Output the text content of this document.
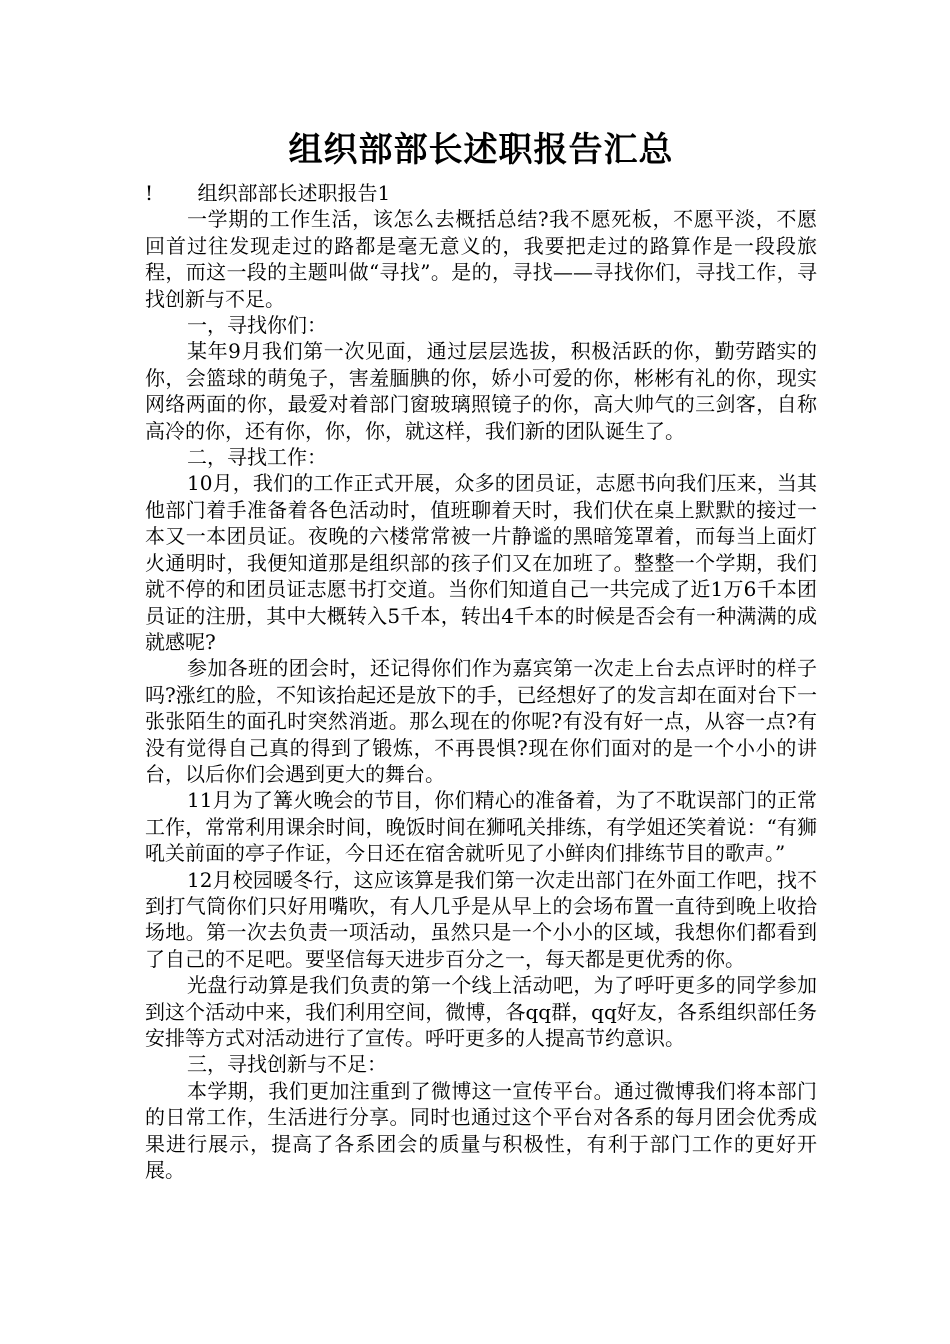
组织部部长述职报告汇总

!       组织部部长述职报告1

一学期的工作生活，该怎么去概括总结?我不愿死板，不愿平淡，不愿回首过往发现走过的路都是毫无意义的，我要把走过的路算作是一段段旅程，而这一段的主题叫做“寻找”。是的，寻找——寻找你们，寻找工作，寻找创新与不足。

一，寻找你们：

某年9月我们第一次见面，通过层层选拔，积极活跃的你，勤劳踏实的你，会篮球的萌兔子，害羞腼腆的你，娇小可爱的你，彬彬有礼的你，现实网络两面的你，最爱对着部门窗玻璃照镜子的你，高大帅气的三剑客，自称高冷的你，还有你，你，你，就这样，我们新的团队诞生了。

二，寻找工作：

10月，我们的工作正式开展，众多的团员证，志愿书向我们压来，当其他部门着手准备着各色活动时，值班聊着天时，我们伏在桌上默默的接过一本又一本团员证。夜晚的六楼常常被一片静谧的黑暗笼罩着，而每当上面灯火通明时，我便知道那是组织部的孩子们又在加班了。整整一个学期，我们就不停的和团员证志愿书打交道。当你们知道自己一共完成了近1万6千本团员证的注册，其中大概转入5千本，转出4千本的时候是否会有一种满满的成就感呢?

参加各班的团会时，还记得你们作为嘉宾第一次走上台去点评时的样子吗?涨红的脸，不知该抬起还是放下的手，已经想好了的发言却在面对台下一张张陌生的面孔时突然消逝。那么现在的你呢?有没有好一点，从容一点?有没有觉得自己真的得到了锻炼，不再畏惧?现在你们面对的是一个小小的讲台，以后你们会遇到更大的舞台。

11月为了篝火晚会的节目，你们精心的准备着，为了不耽误部门的正常工作，常常利用课余时间，晚饭时间在狮吼关排练，有学姐还笑着说：“有狮吼关前面的亭子作证，今日还在宿舍就听见了小鲜肉们排练节目的歌声。”

12月校园暖冬行，这应该算是我们第一次走出部门在外面工作吧，找不到打气筒你们只好用嘴吹，有人几乎是从早上的会场布置一直待到晚上收拾场地。第一次去负责一项活动，虽然只是一个小小的区域，我想你们都看到了自己的不足吧。要坚信每天进步百分之一，每天都是更优秀的你。

光盘行动算是我们负责的第一个线上活动吧，为了呼吁更多的同学参加到这个活动中来，我们利用空间，微博，各qq群，qq好友，各系组织部任务安排等方式对活动进行了宣传。呼吁更多的人提高节约意识。

三，寻找创新与不足：

本学期，我们更加注重到了微博这一宣传平台。通过微博我们将本部门的日常工作，生活进行分享。同时也通过这个平台对各系的每月团会优秀成果进行展示，提高了各系团会的质量与积极性，有利于部门工作的更好开展。
